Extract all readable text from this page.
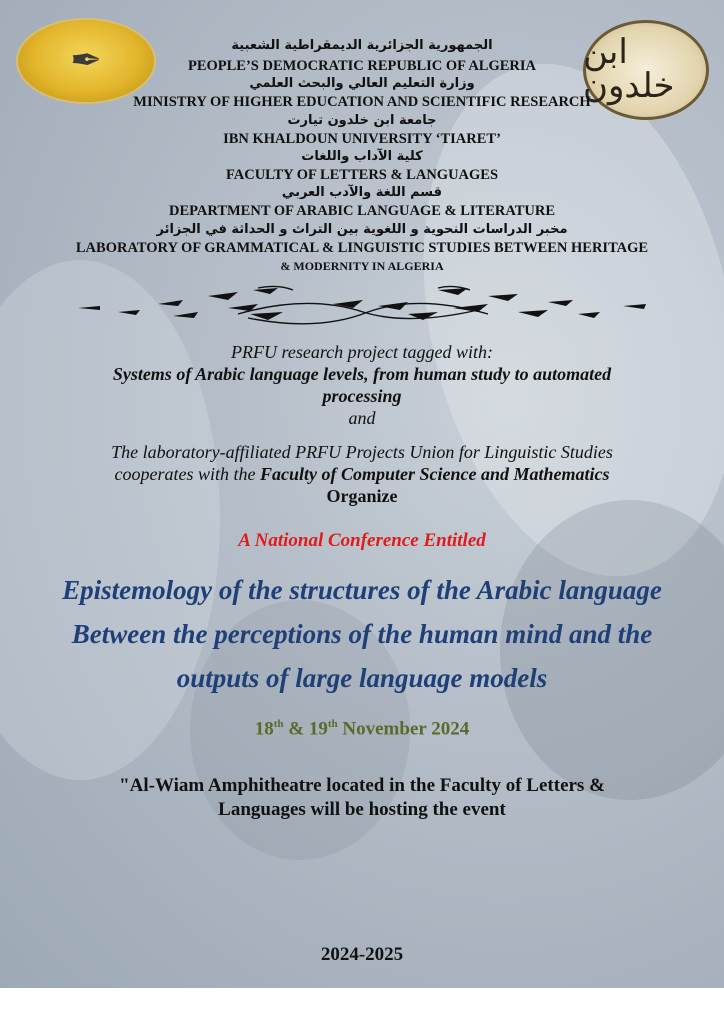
✒	ابن خلدون
الجمهورية الجزائرية الديمقراطية الشعبية
PEOPLE’S DEMOCRATIC REPUBLIC OF ALGERIA
وزارة التعليم العالي والبحث العلمي
MINISTRY OF HIGHER EDUCATION AND SCIENTIFIC RESEARCH
جامعة ابن خلدون تيارت
IBN KHALDOUN UNIVERSITY ‘TIARET’
كلية الآداب واللغات
FACULTY OF LETTERS & LANGUAGES
قسم اللغة والآدب العربي
DEPARTMENT OF ARABIC LANGUAGE & LITERATURE
مخبر الدراسات النحوية و اللغوية بين التراث و الحداثة في الجزائر
LABORATORY OF GRAMMATICAL & LINGUISTIC STUDIES BETWEEN HERITAGE
& MODERNITY IN ALGERIA
PRFU research project tagged with:
Systems of Arabic language levels, from human study to automated
processing
and
The laboratory-affiliated PRFU Projects Union for Linguistic Studies
cooperates with the Faculty of Computer Science and Mathematics
Organize
A National Conference Entitled
Epistemology of the structures of the Arabic language
Between the perceptions of the human mind and the
outputs of large language models
18th & 19th November 2024
"Al-Wiam Amphitheatre located in the Faculty of Letters &
Languages will be hosting the event
2024-2025
